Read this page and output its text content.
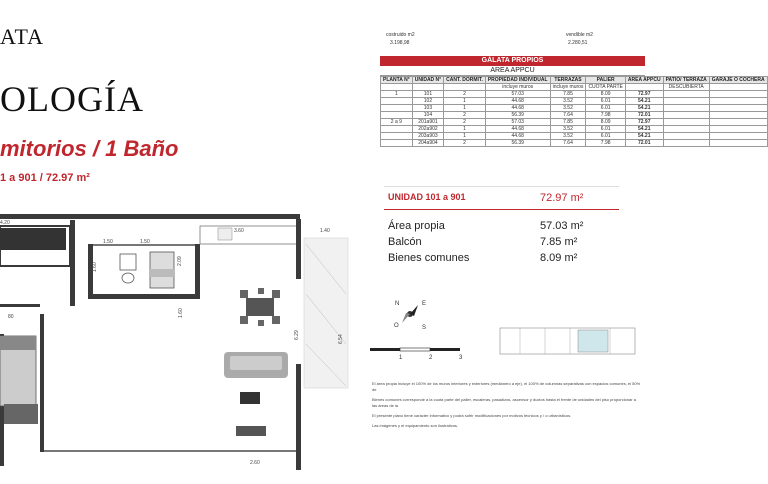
ATA
OLOGÍA
mitorios / 1 Baño
1 a 901 / 72.97 m²
costruido m2
3.198,98
vendible m2
2.280,51
GÁLATA PROPIOS
AREA APPCU
PLANTA N°	UNIDAD N°	CANT. DORMIT.	PROPIEDAD INDIVIDUAL	TERRAZAS	PALIER	AREA APPCU	PATIO/ TERRAZA	GARAJE O COCHERA
			incluye muros	incluye muros	CUOTA PARTE		DESCUBIERTA	
1	101	2	57.03	7.85	8.09	72.97		
	102	1	44.68	3.52	6.01	54.21		
	103	1	44.68	3.52	6.01	54.21		
	104	2	56.39	7.64	7.98	72.01		
2 a 9	201a901	2	57.03	7.85	8.09	72.97		
	202a902	1	44.68	3.52	6.01	54.21		
	203a903	1	44.68	3.52	6.01	54.21		
	204a904	2	56.39	7.64	7.98	72.01		
UNIDAD 101 a 901	72.97 m²
Área propia	57.03 m²
Balcón	7.85 m²
Bienes comunes	8.09 m²
N
S
E
O
1	2	3
El área propia incluye el 100% de los muros interiores y exteriores (medianero a eje), el 100% de columnas separativas con espacios comunes, el 50% de
Bienes comunes corresponde a la cuota parte del palier, escaleras, pasadizos, ascensor y ductos hasta el frente de unidades del piso proporcionar a las áreas de la
El presente plano tiene carácter informativo y podrá sufrir modificaciones por motivos técnicos y / o urbanísticos.
Las imágenes y el equipamiento son ilustrativos.
4.20
1.50	1.50
3.60	1.40
1.60
2.09
1.60
6.29	6.54
2.60
80
